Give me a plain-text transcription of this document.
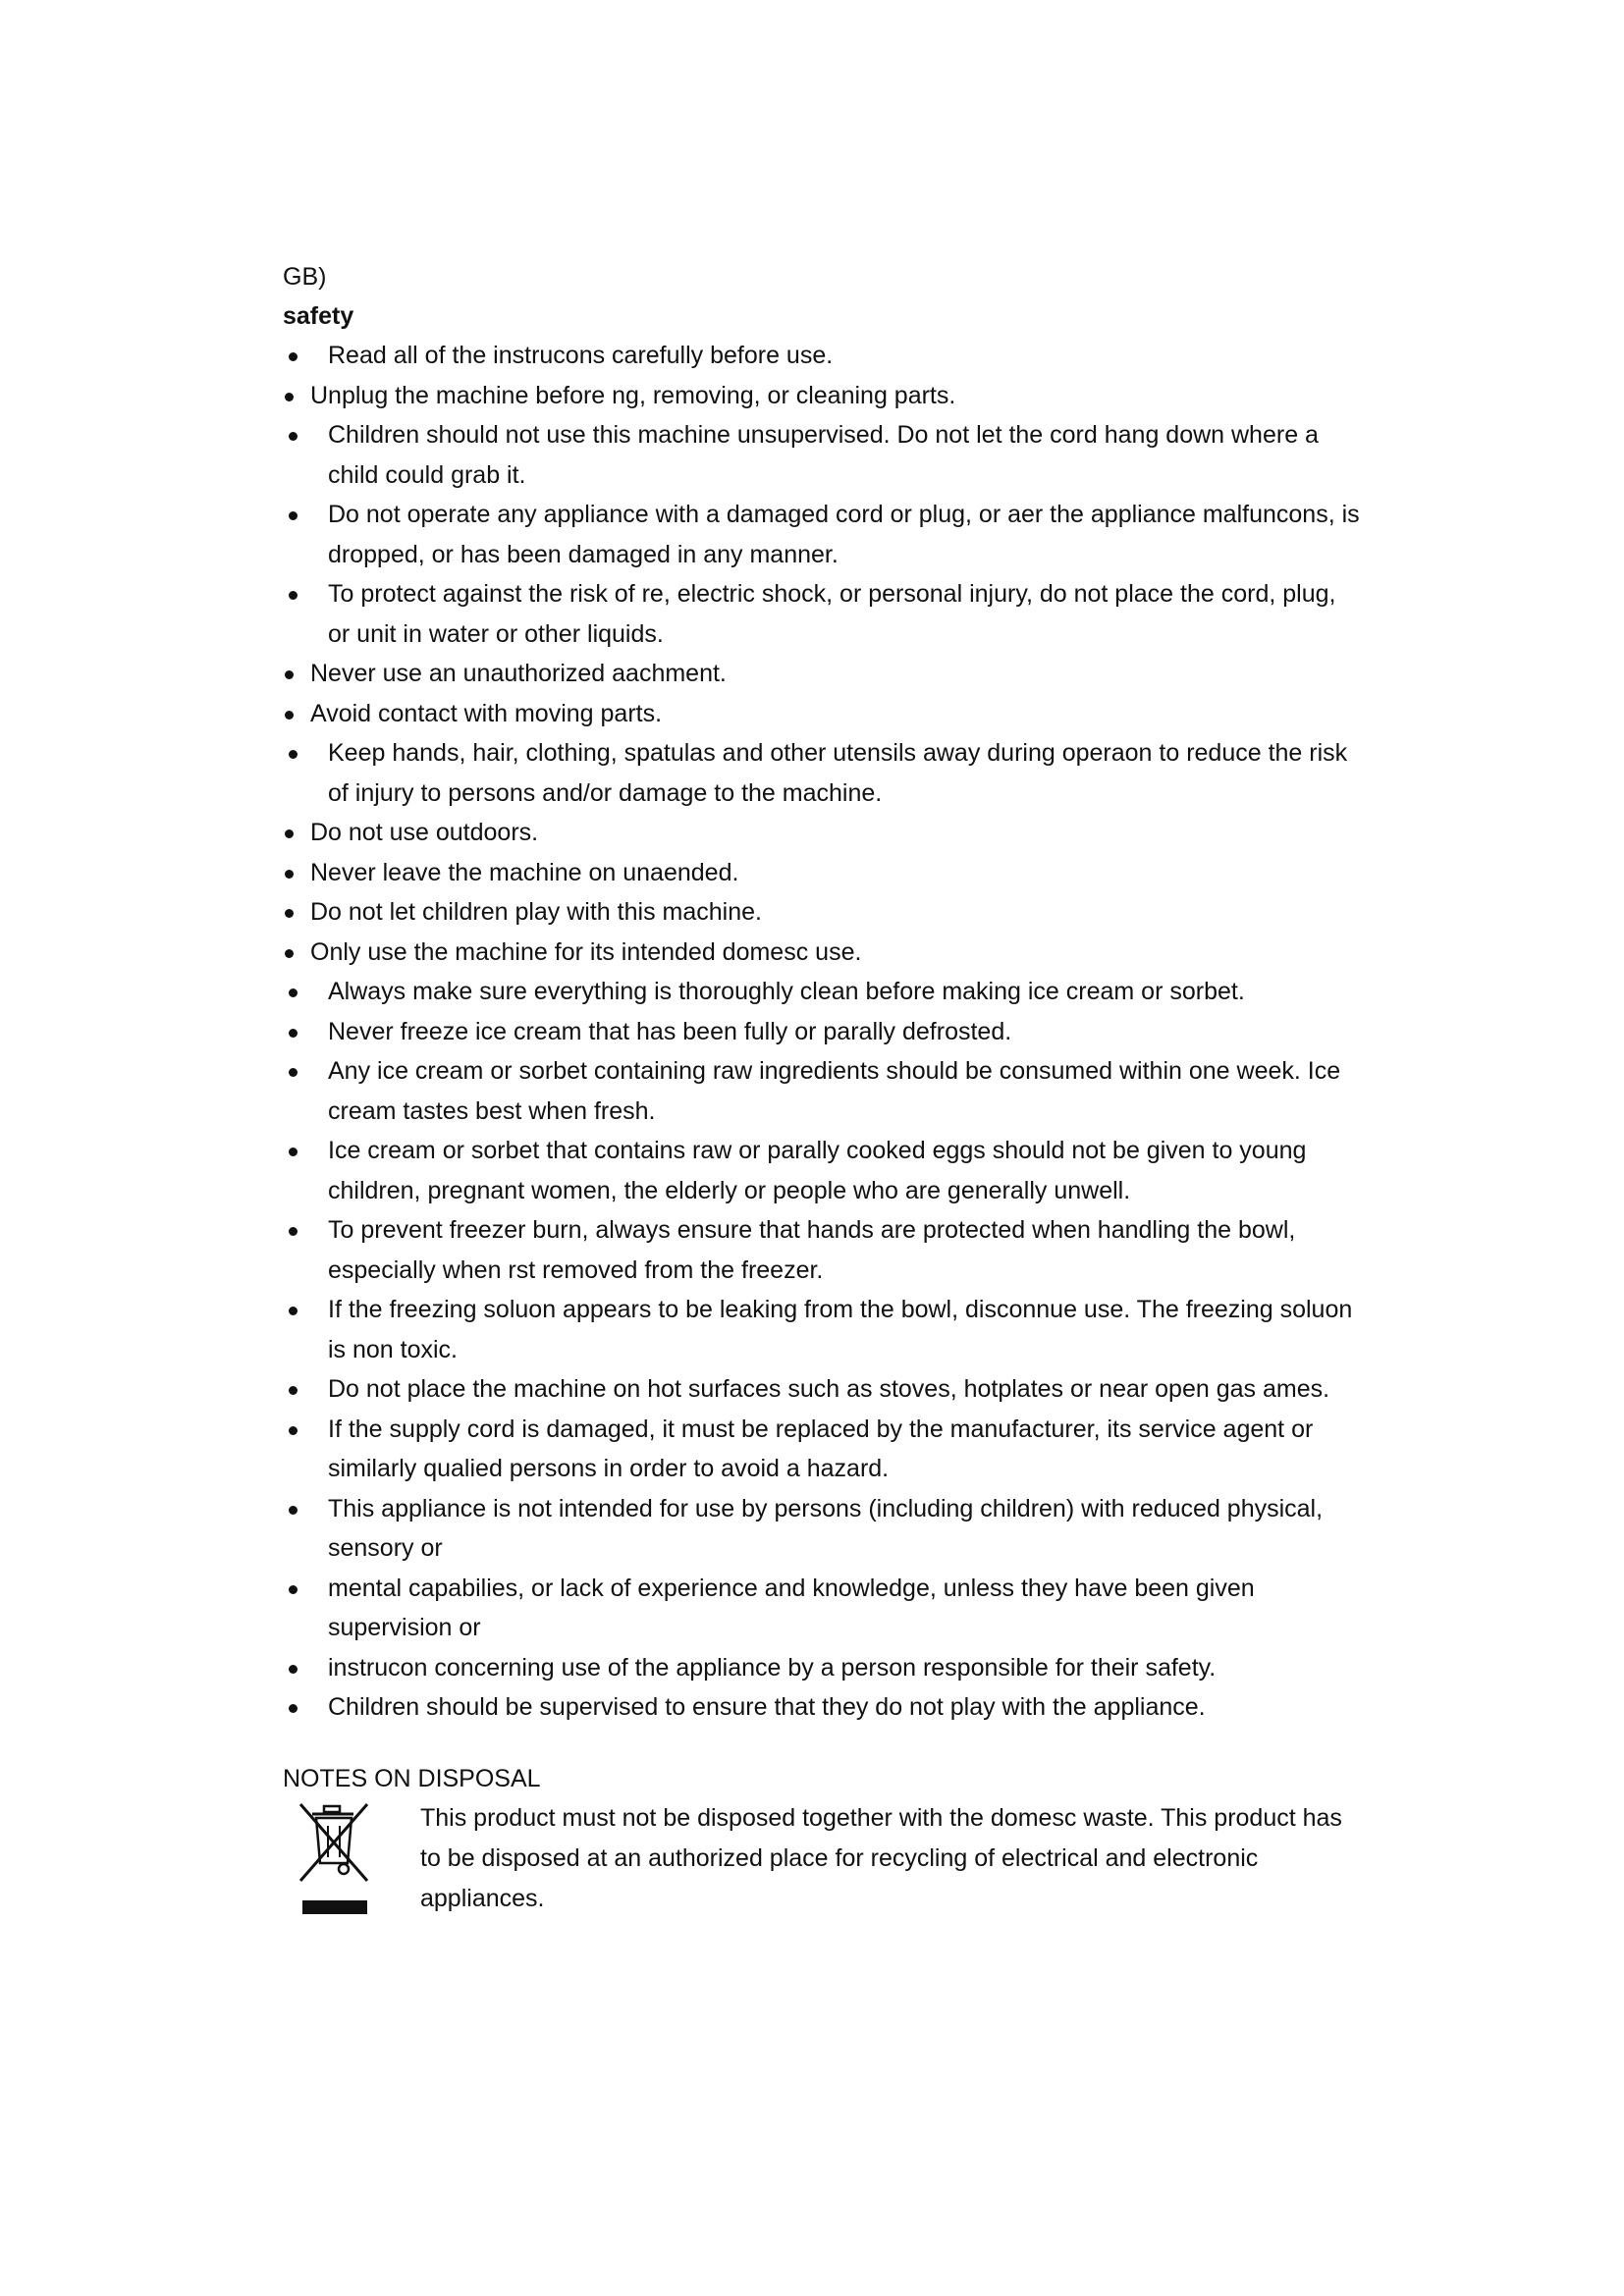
GB)
safety
Read all of the instrucons carefully before use.
Unplug the machine before ng, removing, or cleaning parts.
Children should not use this machine unsupervised. Do not let the cord hang down where a child could grab it.
Do not operate any appliance with a damaged cord or plug, or aer the appliance malfuncons, is dropped, or has been damaged in any manner.
To protect against the risk of re, electric shock, or personal injury, do not place the cord, plug, or unit in water or other liquids.
Never use an unauthorized aachment.
Avoid contact with moving parts.
Keep hands, hair, clothing, spatulas and other utensils away during operaon to reduce the risk of injury to persons and/or damage to the machine.
Do not use outdoors.
Never leave the machine on unaended.
Do not let children play with this machine.
Only use the machine for its intended domesc use.
Always make sure everything is thoroughly clean before making ice cream or sorbet.
Never freeze ice cream that has been fully or parally defrosted.
Any ice cream or sorbet containing raw ingredients should be consumed within one week. Ice cream tastes best when fresh.
Ice cream or sorbet that contains raw or parally cooked eggs should not be given to young children, pregnant women, the elderly or people who are generally unwell.
To prevent freezer burn, always ensure that hands are protected when handling the bowl, especially when rst removed from the freezer.
If the freezing soluon appears to be leaking from the bowl, disconnue use. The freezing soluon is non toxic.
Do not place the machine on hot surfaces such as stoves, hotplates or near open gas ames.
If the supply cord is damaged, it must be replaced by the manufacturer, its service agent or similarly qualied persons in order to avoid a hazard.
This appliance is not intended for use by persons (including children) with reduced physical, sensory or
mental capabilies, or lack of experience and knowledge, unless they have been given supervision or
instrucon concerning use of the appliance by a person responsible for their safety.
Children should be supervised to ensure that they do not play with the appliance.
NOTES ON DISPOSAL
This product must not be disposed together with the domesc waste. This product has to be disposed at an authorized place for recycling of electrical and electronic appliances.
